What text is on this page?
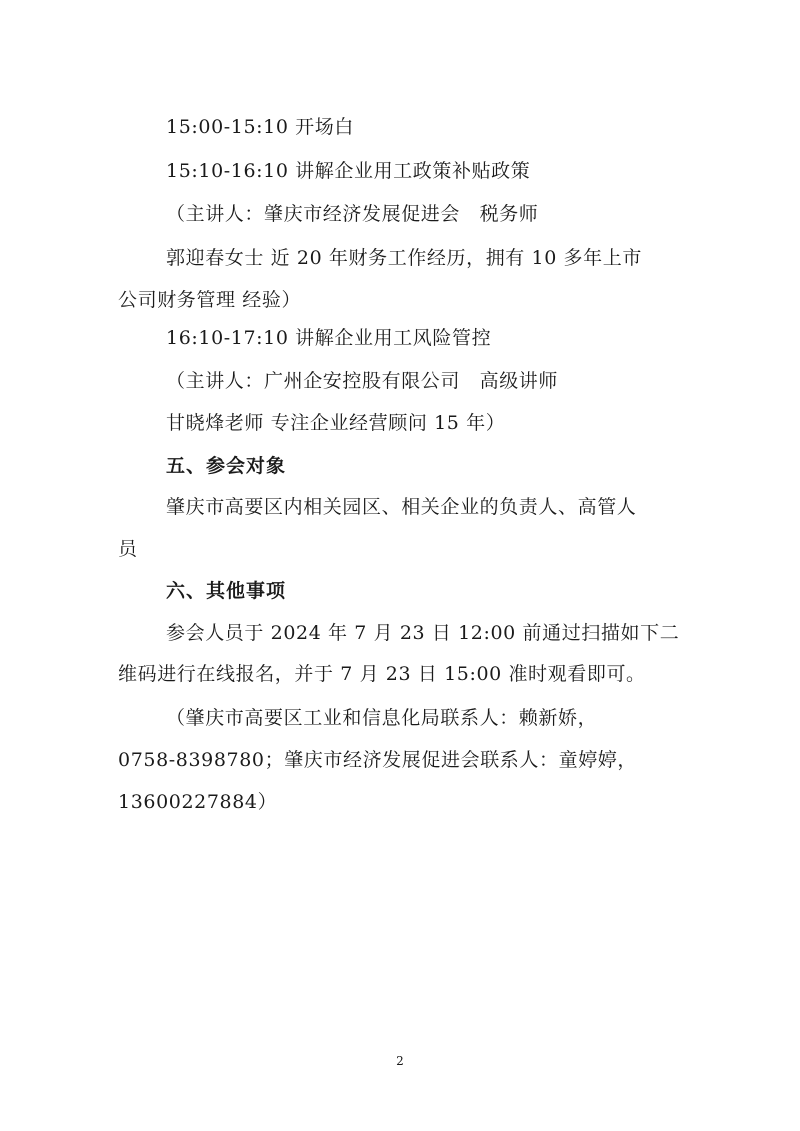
15:00-15:10 开场白
15:10-16:10 讲解企业用工政策补贴政策
（主讲人：肇庆市经济发展促进会　税务师
郭迎春女士 近 20 年财务工作经历，拥有 10 多年上市
公司财务管理 经验）
16:10-17:10 讲解企业用工风险管控
（主讲人：广州企安控股有限公司　高级讲师
甘晓烽老师 专注企业经营顾问 15 年）
五、参会对象
肇庆市高要区内相关园区、相关企业的负责人、高管人
员
六、其他事项
参会人员于 2024 年 7 月 23 日 12:00 前通过扫描如下二
维码进行在线报名，并于 7 月 23 日 15:00 准时观看即可。
（肇庆市高要区工业和信息化局联系人：赖新娇，
0758-8398780；肇庆市经济发展促进会联系人：童婷婷，
13600227884）
2
